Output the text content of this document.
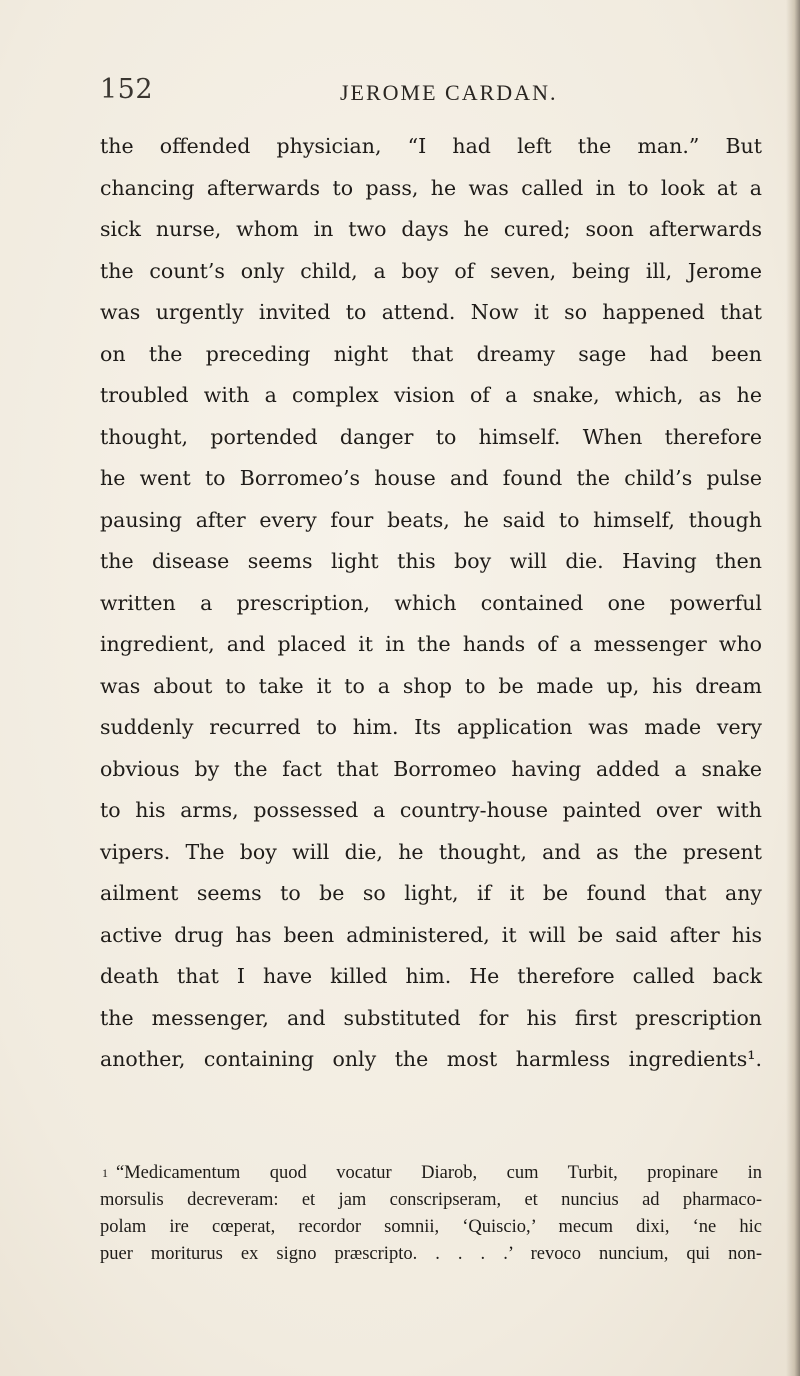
152	JEROME CARDAN.
the offended physician, “I had left the man.” But
chancing afterwards to pass, he was called in to look at a
sick nurse, whom in two days he cured; soon afterwards
the count’s only child, a boy of seven, being ill, Jerome
was urgently invited to attend. Now it so happened that
on the preceding night that dreamy sage had been
troubled with a complex vision of a snake, which, as he
thought, portended danger to himself. When therefore
he went to Borromeo’s house and found the child’s pulse
pausing after every four beats, he said to himself, though
the disease seems light this boy will die. Having then
written a prescription, which contained one powerful
ingredient, and placed it in the hands of a messenger who
was about to take it to a shop to be made up, his dream
suddenly recurred to him. Its application was made very
obvious by the fact that Borromeo having added a snake
to his arms, possessed a country-house painted over with
vipers. The boy will die, he thought, and as the present
ailment seems to be so light, if it be found that any
active drug has been administered, it will be said after his
death that I have killed him. He therefore called back
the messenger, and substituted for his first prescription
another, containing only the most harmless ingredients¹.
$^1$ “Medicamentum quod vocatur Diarob, cum Turbit, propinare in
morsulis decreveram: et jam conscripseram, et nuncius ad pharmaco-
polam ire cœperat, recordor somnii, ‘Quiscio,’ mecum dixi, ‘ne hic
puer moriturus ex signo præscripto. . . . .’ revoco nuncium, qui non-
